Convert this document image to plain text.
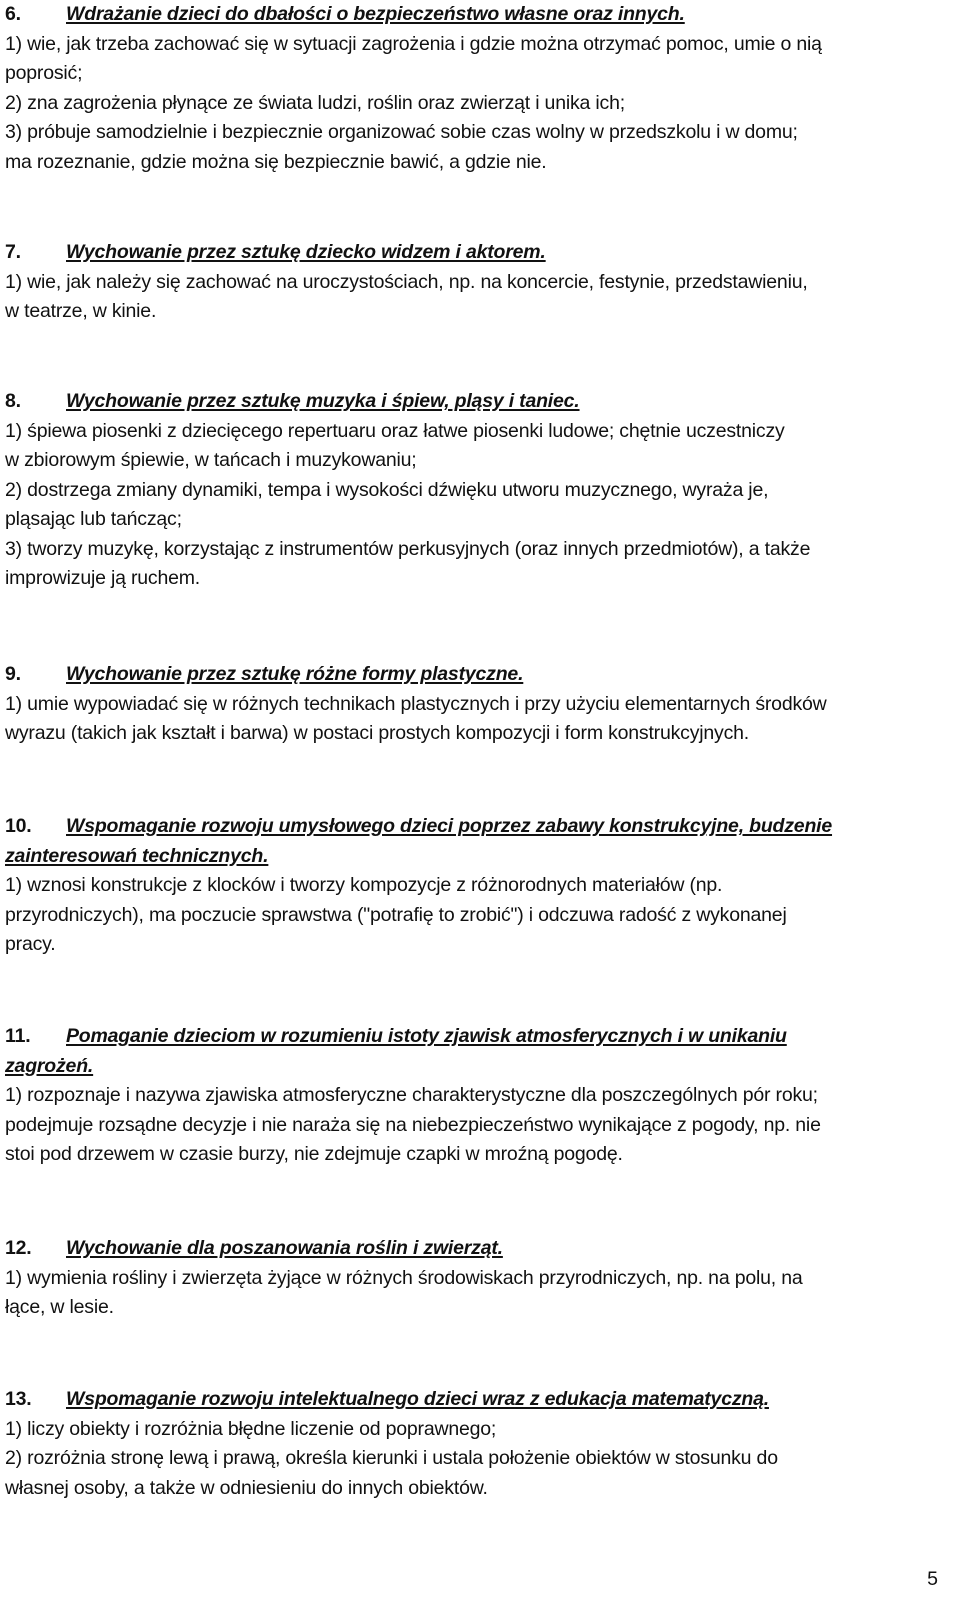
6. Wdrażanie dzieci do dbałości o bezpieczeństwo własne oraz innych.

1) wie, jak trzeba zachować się w sytuacji zagrożenia i gdzie można otrzymać pomoc, umie o nią

poprosić;

2) zna zagrożenia płynące ze świata ludzi, roślin oraz zwierząt i unika ich;

3) próbuje samodzielnie i bezpiecznie organizować sobie czas wolny w przedszkolu i w domu;

ma rozeznanie, gdzie można się bezpiecznie bawić, a gdzie nie.

7. Wychowanie przez sztukę dziecko widzem i aktorem.

1) wie, jak należy się zachować na uroczystościach, np. na koncercie, festynie, przedstawieniu,

w teatrze, w kinie.

8. Wychowanie przez sztukę muzyka i śpiew, pląsy i taniec.

1) śpiewa piosenki z dziecięcego repertuaru oraz łatwe piosenki ludowe; chętnie uczestniczy

w zbiorowym śpiewie, w tańcach i muzykowaniu;

2) dostrzega zmiany dynamiki, tempa i wysokości dźwięku utworu muzycznego, wyraża je,

pląsając lub tańcząc;

3) tworzy muzykę, korzystając z instrumentów perkusyjnych (oraz innych przedmiotów), a także

improwizuje ją ruchem.

9. Wychowanie przez sztukę różne formy plastyczne.

1) umie wypowiadać się w różnych technikach plastycznych i przy użyciu elementarnych środków

wyrazu (takich jak kształt i barwa) w postaci prostych kompozycji i form konstrukcyjnych.

10. Wspomaganie rozwoju umysłowego dzieci poprzez zabawy konstrukcyjne, budzenie
zainteresowań technicznych.

1) wznosi konstrukcje z klocków i tworzy kompozycje z różnorodnych materiałów (np.

przyrodniczych), ma poczucie sprawstwa ("potrafię to zrobić") i odczuwa radość z wykonanej

pracy.

11. Pomaganie dzieciom w rozumieniu istoty zjawisk atmosferycznych i w unikaniu
zagrożeń.

1) rozpoznaje i nazywa zjawiska atmosferyczne charakterystyczne dla poszczególnych pór roku;

podejmuje rozsądne decyzje i nie naraża się na niebezpieczeństwo wynikające z pogody, np. nie

stoi pod drzewem w czasie burzy, nie zdejmuje czapki w mroźną pogodę.

12. Wychowanie dla poszanowania roślin i zwierząt.

1) wymienia rośliny i zwierzęta żyjące w różnych środowiskach przyrodniczych, np. na polu, na

łące, w lesie.

13. Wspomaganie rozwoju intelektualnego dzieci wraz z edukacja matematyczną.

1) liczy obiekty i rozróżnia błędne liczenie od poprawnego;

2) rozróżnia stronę lewą i prawą, określa kierunki i ustala położenie obiektów w stosunku do

własnej osoby, a także w odniesieniu do innych obiektów.

5
